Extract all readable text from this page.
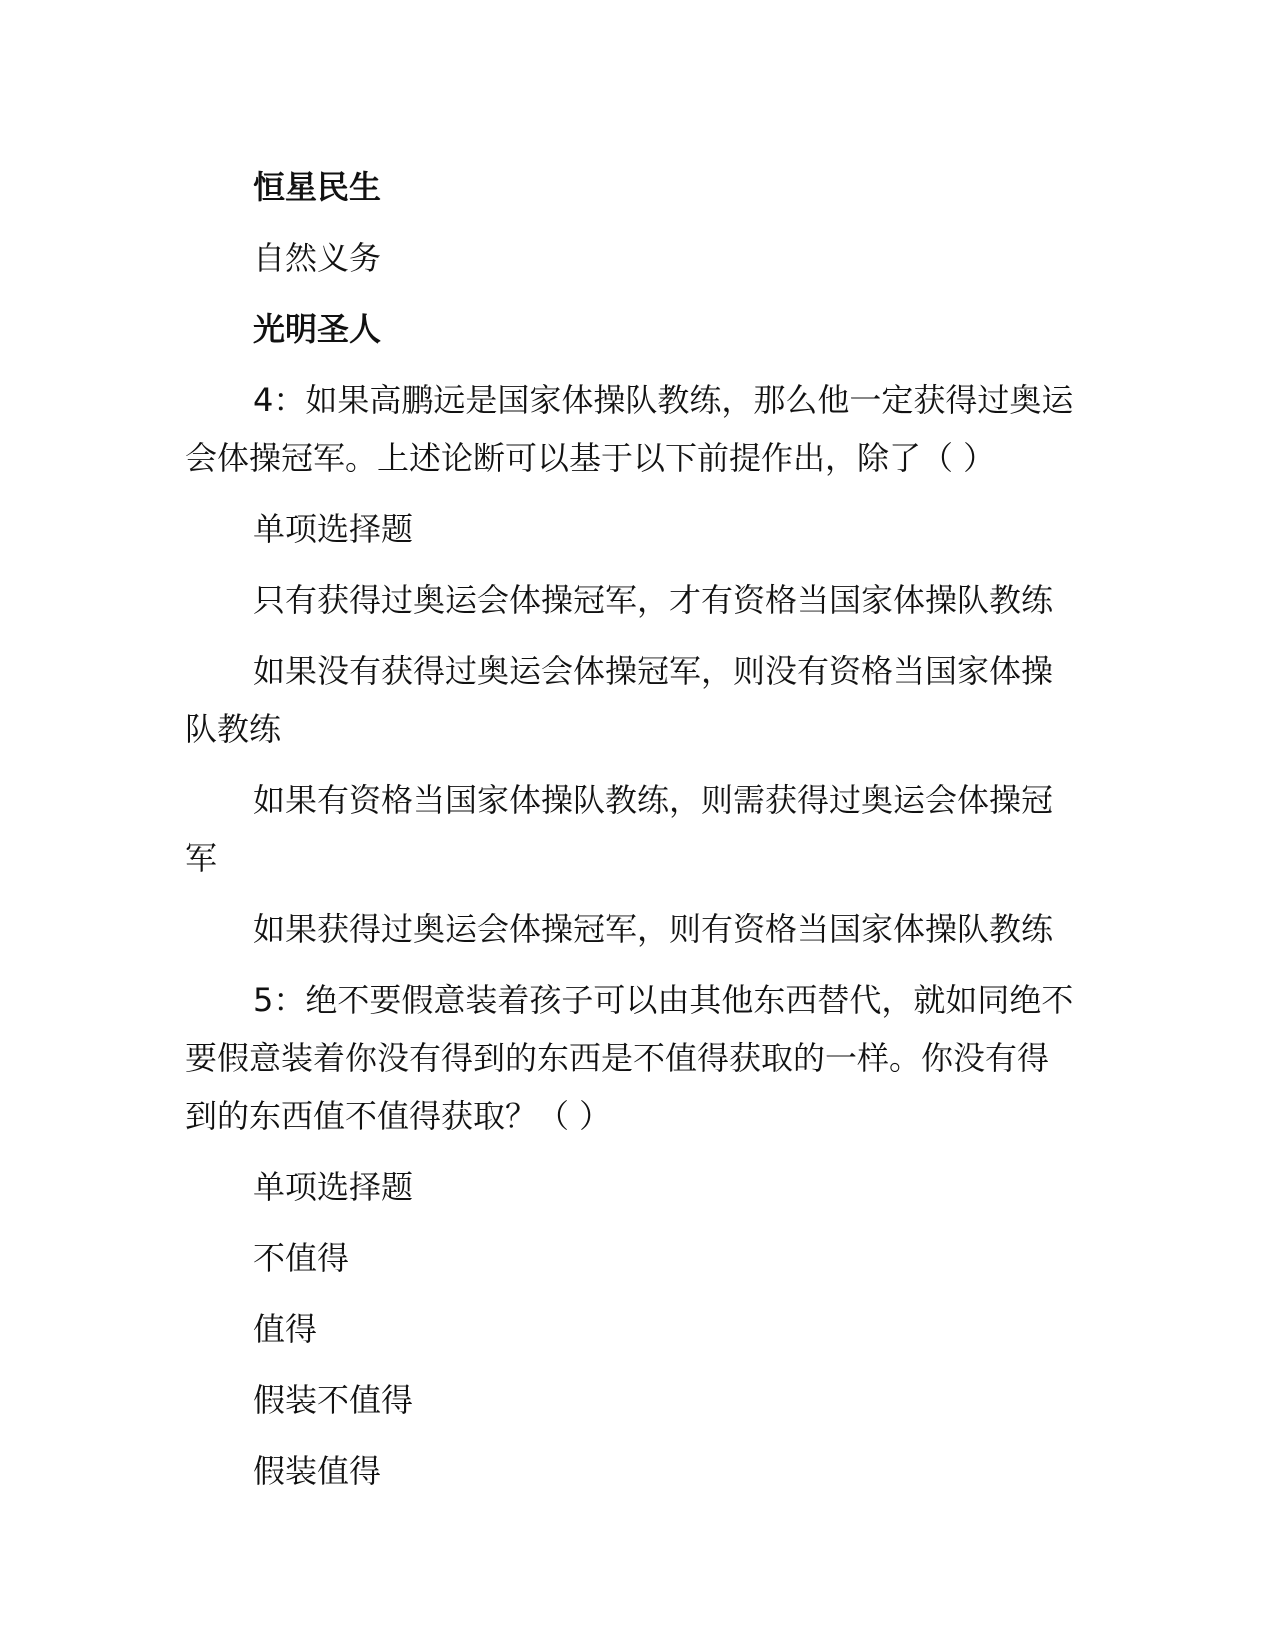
恒星民生

自然义务

光明圣人

4：如果高鹏远是国家体操队教练，那么他一定获得过奥运会体操冠军。上述论断可以基于以下前提作出，除了（ ）

单项选择题

只有获得过奥运会体操冠军，才有资格当国家体操队教练

如果没有获得过奥运会体操冠军，则没有资格当国家体操队教练

如果有资格当国家体操队教练，则需获得过奥运会体操冠军

如果获得过奥运会体操冠军，则有资格当国家体操队教练

5：绝不要假意装着孩子可以由其他东西替代，就如同绝不要假意装着你没有得到的东西是不值得获取的一样。你没有得到的东西值不值得获取？（ ）

单项选择题

不值得

值得

假装不值得

假装值得
